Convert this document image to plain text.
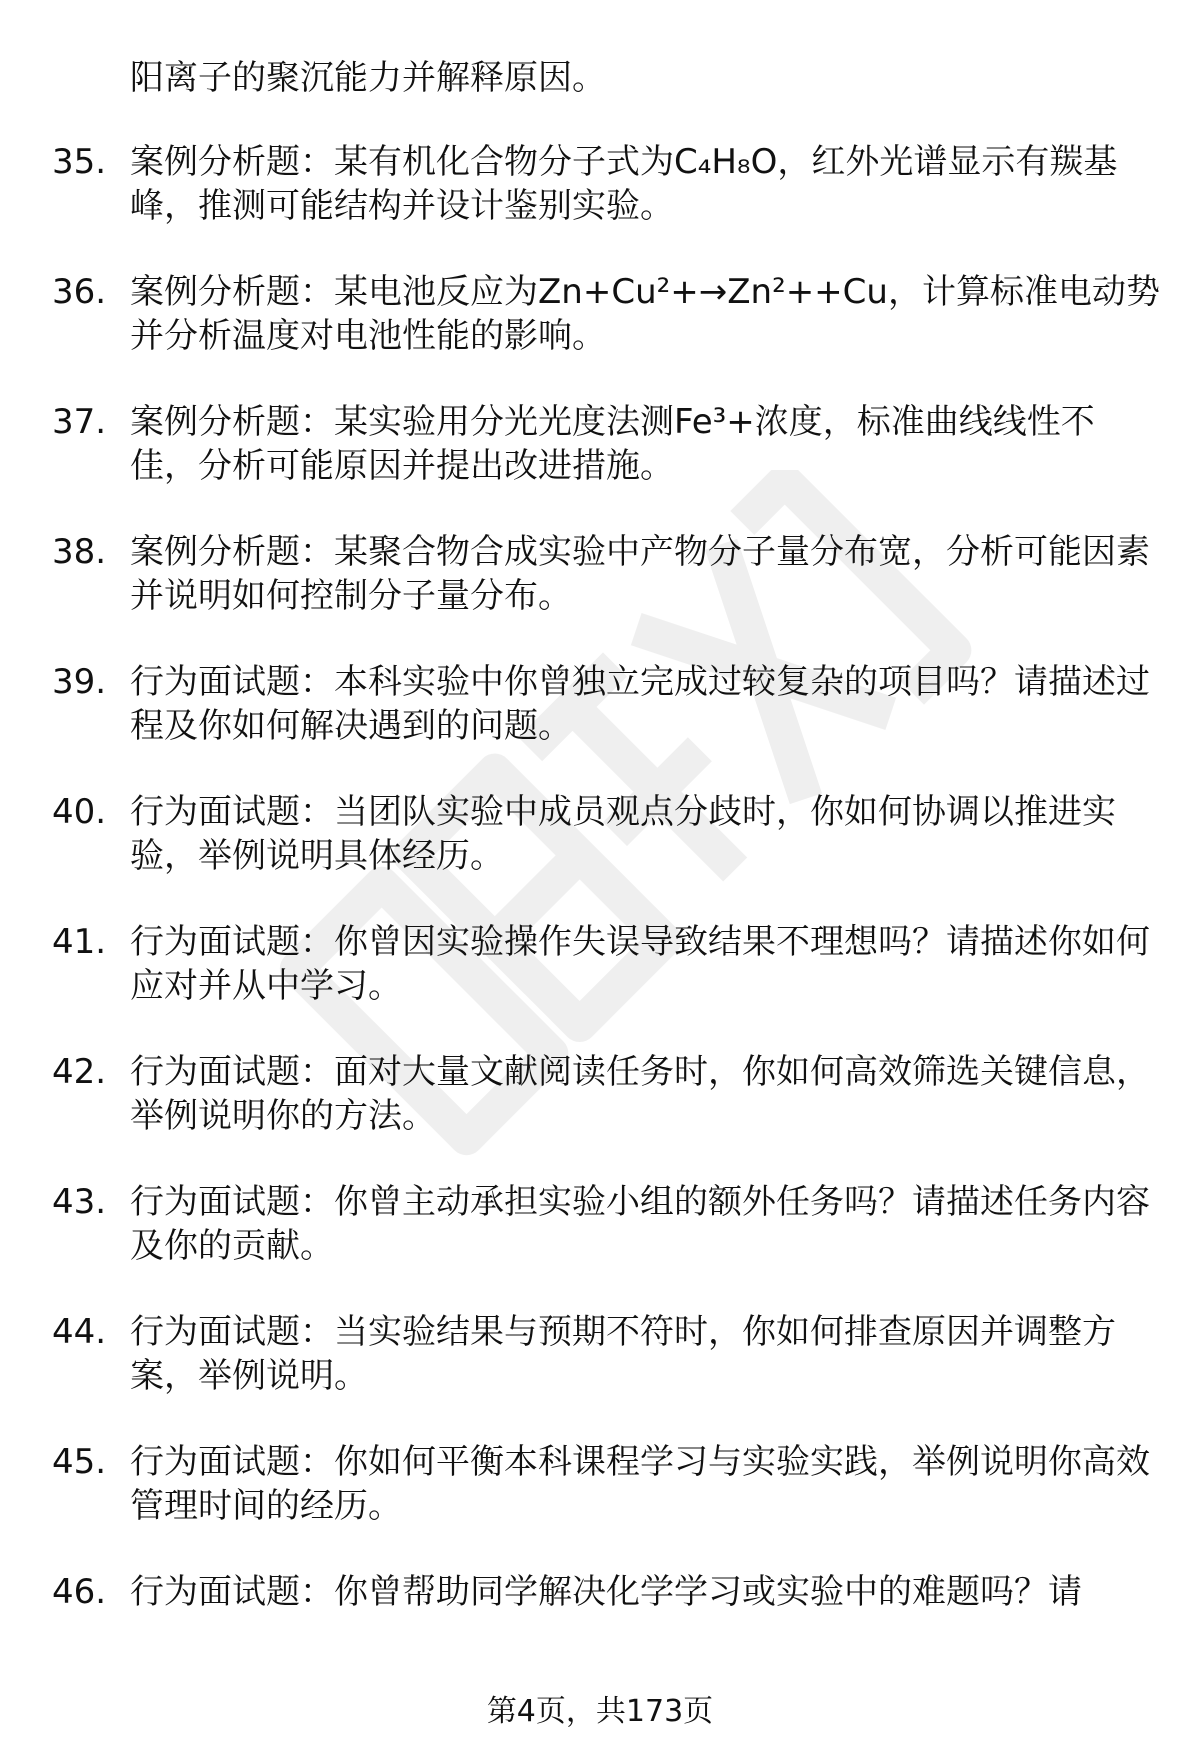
阳离子的聚沉能力并解释原因。
35. 案例分析题：某有机化合物分子式为C₄H₈O，红外光谱显示有羰基峰，推测可能结构并设计鉴别实验。
36. 案例分析题：某电池反应为Zn+Cu²+→Zn²++Cu，计算标准电动势并分析温度对电池性能的影响。
37. 案例分析题：某实验用分光光度法测Fe³+浓度，标准曲线线性不佳，分析可能原因并提出改进措施。
38. 案例分析题：某聚合物合成实验中产物分子量分布宽，分析可能因素并说明如何控制分子量分布。
39. 行为面试题：本科实验中你曾独立完成过较复杂的项目吗？请描述过程及你如何解决遇到的问题。
40. 行为面试题：当团队实验中成员观点分歧时，你如何协调以推进实验，举例说明具体经历。
41. 行为面试题：你曾因实验操作失误导致结果不理想吗？请描述你如何应对并从中学习。
42. 行为面试题：面对大量文献阅读任务时，你如何高效筛选关键信息，举例说明你的方法。
43. 行为面试题：你曾主动承担实验小组的额外任务吗？请描述任务内容及你的贡献。
44. 行为面试题：当实验结果与预期不符时，你如何排查原因并调整方案，举例说明。
45. 行为面试题：你如何平衡本科课程学习与实验实践，举例说明你高效管理时间的经历。
46. 行为面试题：你曾帮助同学解决化学学习或实验中的难题吗？请
第4页，共173页
